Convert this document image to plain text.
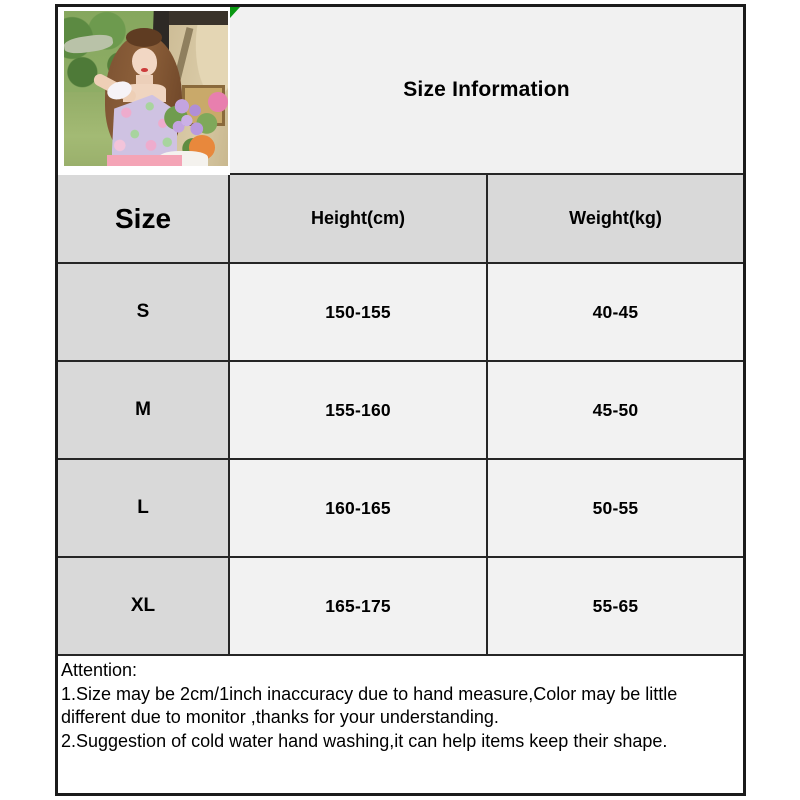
Size Information
Size	Height(cm)	Weight(kg)
S	150-155	40-45
M	155-160	45-50
L	160-165	50-55
XL	165-175	55-65
Attention:
1.Size may be 2cm/1inch inaccuracy due to hand measure,Color may be little different due to monitor ,thanks for your understanding.
2.Suggestion of cold water hand washing,it can help items keep their shape.
